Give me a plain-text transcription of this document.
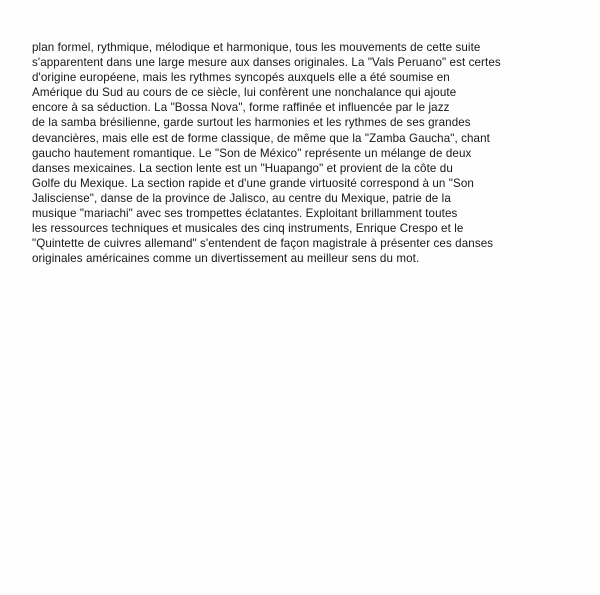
plan formel, rythmique, mélodique et harmonique, tous les mouvements de cette suite
s'apparentent dans une large mesure aux danses originales. La "Vals Peruano" est certes
d'origine européene, mais les rythmes syncopés auxquels elle a été soumise en
Amérique du Sud au cours de ce siècle, lui confèrent une nonchalance qui ajoute
encore à sa séduction. La "Bossa Nova", forme raffinée et influencée par le jazz
de la samba brésilienne, garde surtout les harmonies et les rythmes de ses grandes
devancières, mais elle est de forme classique, de même que la "Zamba Gaucha", chant
gaucho hautement romantique. Le "Son de México" représente un mélange de deux
danses mexicaines. La section lente est un "Huapango" et provient de la côte du
Golfe du Mexique. La section rapide et d'une grande virtuosité correspond à un "Son
Jalisciense", danse de la province de Jalisco, au centre du Mexique, patrie de la
musique "mariachi" avec ses trompettes éclatantes. Exploitant brillamment toutes
les ressources techniques et musicales des cinq instruments, Enrique Crespo et le
"Quintette de cuivres allemand" s'entendent de façon magistrale à présenter ces danses
originales américaines comme un divertissement au meilleur sens du mot.
